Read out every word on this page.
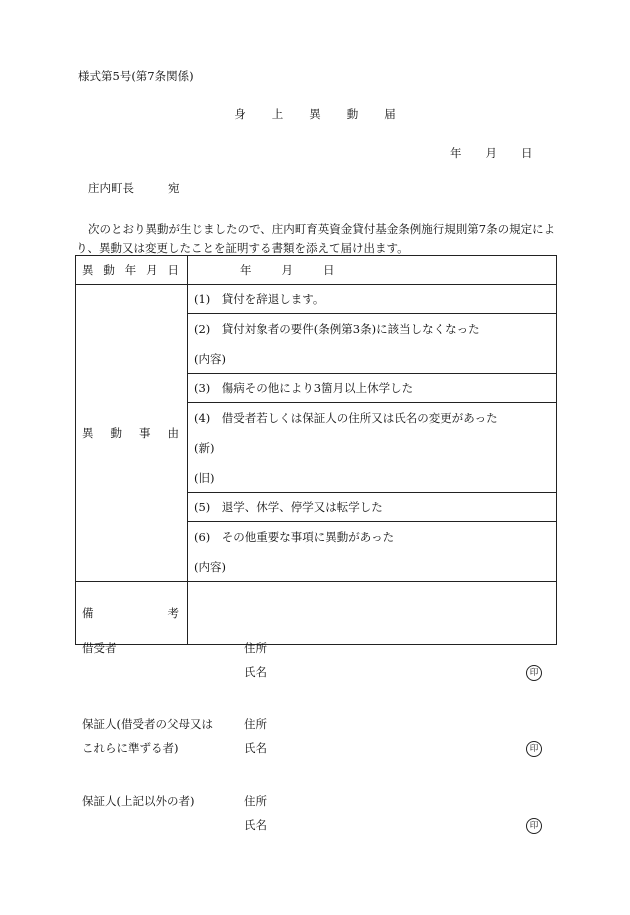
様式第5号(第7条関係)
身 上 異 動 届
年 月 日
庄内町長	宛
次のとおり異動が生じましたので、庄内町育英資金貸付基金条例施行規則第7条の規定により、異動又は変更したことを証明する書類を添えて届け出ます。
異 動 年 月 日	年 月 日

異 動 事 由	(1)　貸付を辞退します。

	(2)　貸付対象者の要件(条例第3条)に該当しなくなった
(内容)

	(3)　傷病その他により3箇月以上休学した

	(4)　借受者若しくは保証人の住所又は氏名の変更があった
(新)
(旧)

	(5)　退学、休学、停学又は転学した

	(6)　その他重要な事項に異動があった
(内容)

備 考	

借受者	住所
氏名	印
保証人(借受者の父母又は
これらに準ずる者)
住所
氏名	印
保証人(上記以外の者)	住所
氏名	印
